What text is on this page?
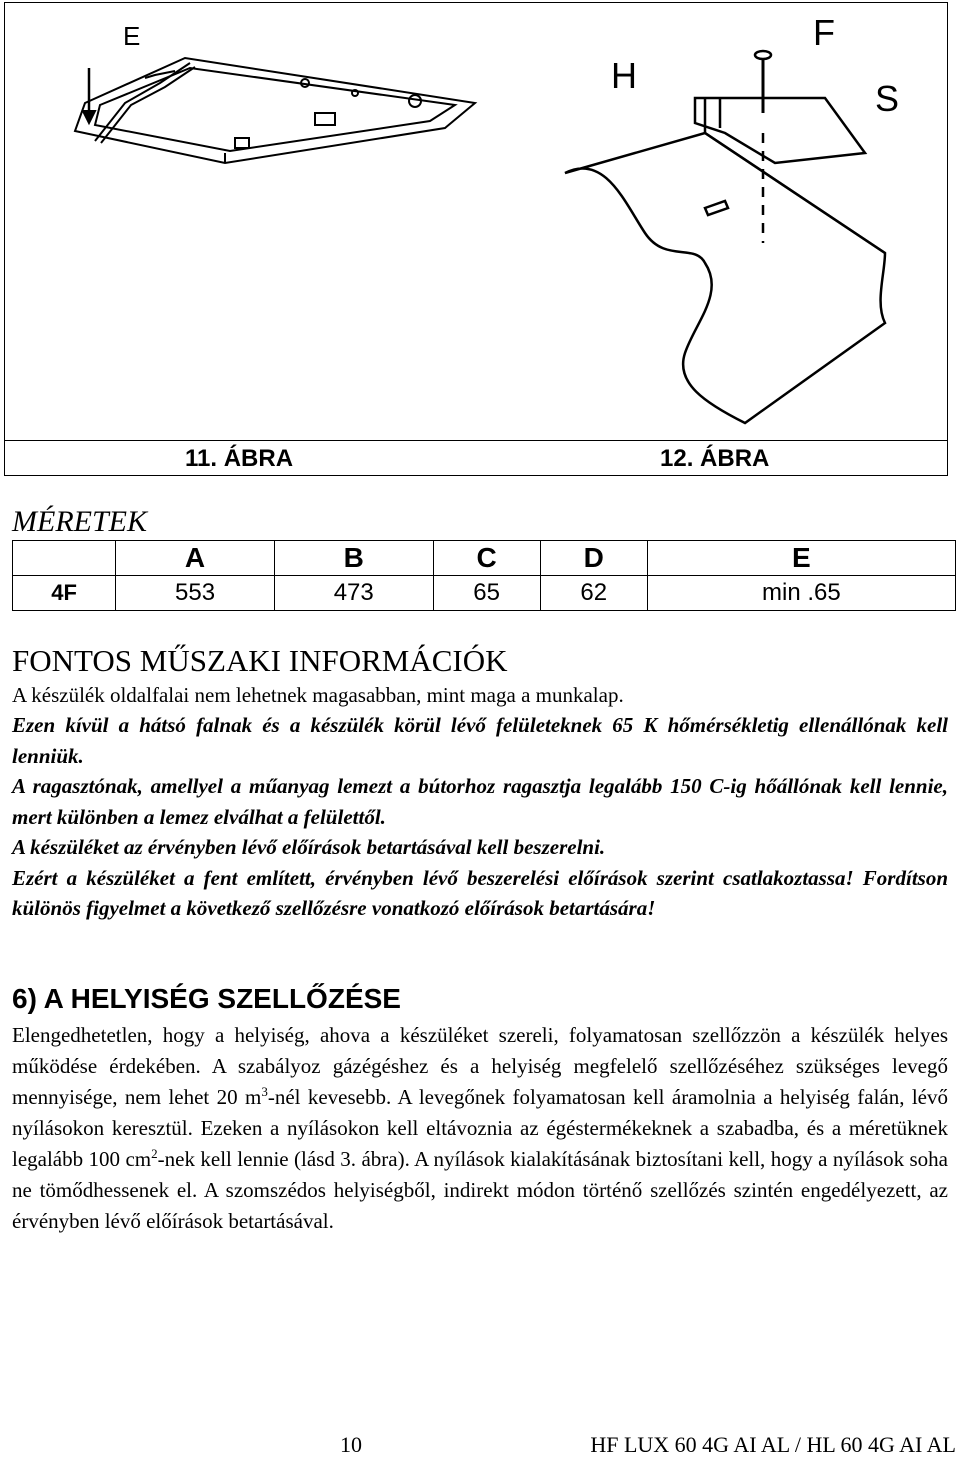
E
H
F
S
11. ÁBRA	12. ÁBRA
MÉRETEK
	A	B	C	D	E
4F	553	473	65	62	min .65
FONTOS MŰSZAKI INFORMÁCIÓK
A készülék oldalfalai nem lehetnek magasabban, mint maga a munkalap.
Ezen kívül a hátsó falnak és a készülék körül lévő felületeknek 65 K hőmérsékletig ellenállónak kell lenniük.
A ragasztónak, amellyel a műanyag lemezt a bútorhoz ragasztja legalább 150 C-ig hőállónak kell lennie, mert különben a lemez elválhat a felülettől.
A készüléket az érvényben lévő előírások betartásával kell beszerelni.
Ezért a készüléket a fent említett, érvényben lévő beszerelési előírások szerint csatlakoztassa! Fordítson különös figyelmet a következő szellőzésre vonatkozó előírások betartására!
6) A HELYISÉG SZELLŐZÉSE
Elengedhetetlen, hogy a helyiség, ahova a készüléket szereli, folyamatosan szellőzzön a készülék helyes működése érdekében. A szabályoz gázégéshez és a helyiség megfelelő szellőzéséhez szükséges levegő mennyisége, nem lehet 20 $m^3$-nél kevesebb. A levegőnek folyamatosan kell áramolnia a helyiség falán, lévő nyílásokon keresztül. Ezeken a nyílásokon kell eltávoznia az égéstermékeknek a szabadba, és a méretüknek legalább 100 $cm^2$-nek kell lennie (lásd 3. ábra). A nyílások kialakításának biztosítani kell, hogy a nyílások soha ne tömődhessenek el. A szomszédos helyiségből, indirekt módon történő szellőzés szintén engedélyezett, az érvényben lévő előírások betartásával.
10	HF LUX 60 4G AI AL / HL 60 4G AI AL
